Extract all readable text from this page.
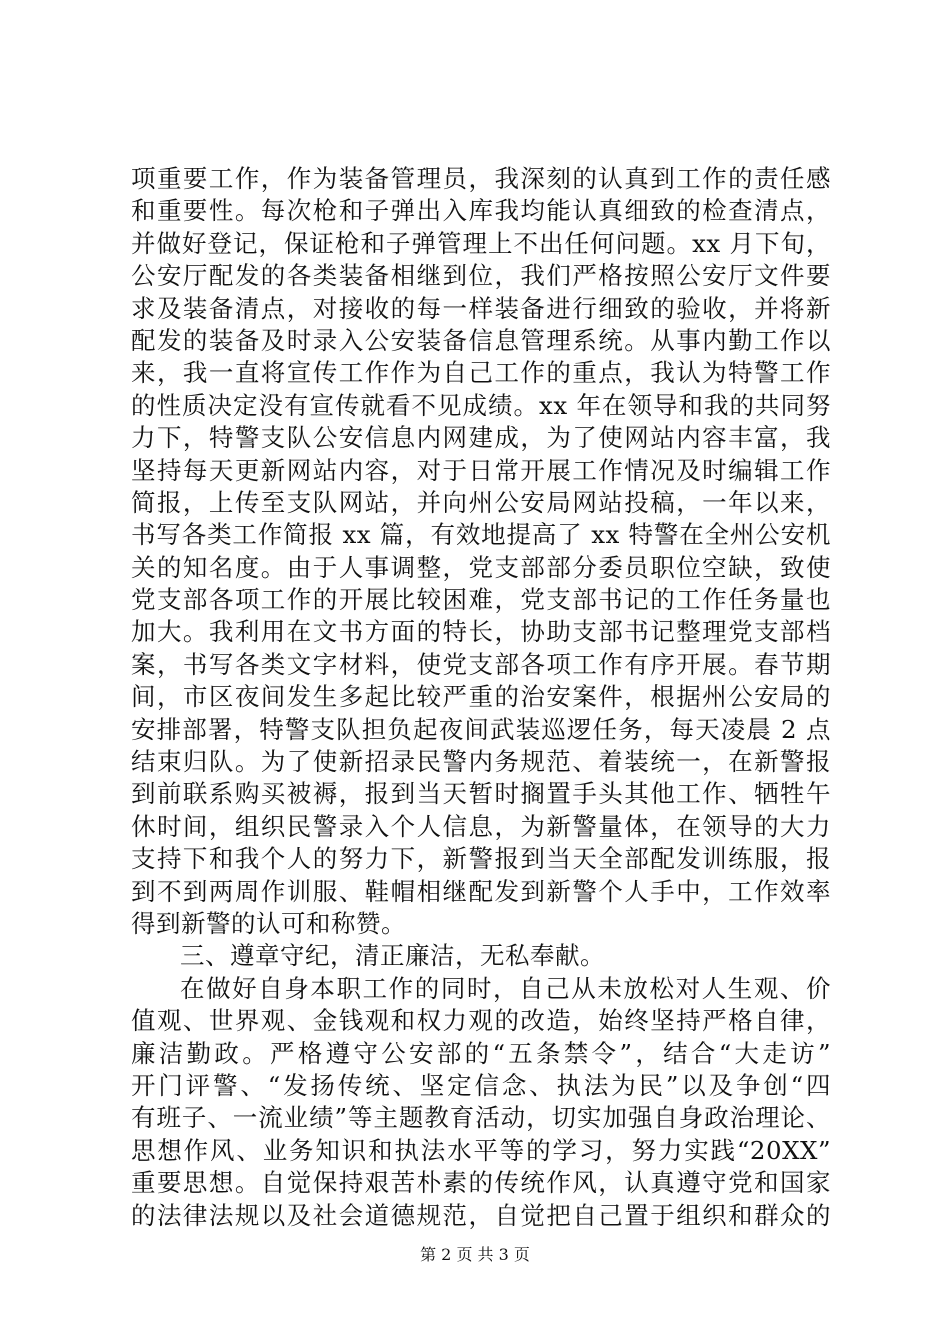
项重要工作，作为装备管理员，我深刻的认真到工作的责任感
和重要性。每次枪和子弹出入库我均能认真细致的检查清点，
并做好登记，保证枪和子弹管理上不出任何问题。xx 月下旬，
公安厅配发的各类装备相继到位，我们严格按照公安厅文件要
求及装备清点，对接收的每一样装备进行细致的验收，并将新
配发的装备及时录入公安装备信息管理系统。从事内勤工作以
来，我一直将宣传工作作为自己工作的重点，我认为特警工作
的性质决定没有宣传就看不见成绩。xx 年在领导和我的共同努
力下，特警支队公安信息内网建成，为了使网站内容丰富，我
坚持每天更新网站内容，对于日常开展工作情况及时编辑工作
简报，上传至支队网站，并向州公安局网站投稿，一年以来，
书写各类工作简报 xx 篇，有效地提高了 xx 特警在全州公安机
关的知名度。由于人事调整，党支部部分委员职位空缺，致使
党支部各项工作的开展比较困难，党支部书记的工作任务量也
加大。我利用在文书方面的特长，协助支部书记整理党支部档
案，书写各类文字材料，使党支部各项工作有序开展。春节期
间，市区夜间发生多起比较严重的治安案件，根据州公安局的
安排部署，特警支队担负起夜间武装巡逻任务，每天凌晨 2 点
结束归队。为了使新招录民警内务规范、着装统一，在新警报
到前联系购买被褥，报到当天暂时搁置手头其他工作、牺牲午
休时间，组织民警录入个人信息，为新警量体，在领导的大力
支持下和我个人的努力下，新警报到当天全部配发训练服，报
到不到两周作训服、鞋帽相继配发到新警个人手中，工作效率
得到新警的认可和称赞。
三、遵章守纪，清正廉洁，无私奉献。
在做好自身本职工作的同时，自己从未放松对人生观、价
值观、世界观、金钱观和权力观的改造，始终坚持严格自律，
廉洁勤政。严格遵守公安部的“五条禁令”，结合“大走访”
开门评警、“发扬传统、坚定信念、执法为民”以及争创“四
有班子、一流业绩”等主题教育活动，切实加强自身政治理论、
思想作风、业务知识和执法水平等的学习，努力实践“20XX”
重要思想。自觉保持艰苦朴素的传统作风，认真遵守党和国家
的法律法规以及社会道德规范，自觉把自己置于组织和群众的
第 2 页 共 3 页
